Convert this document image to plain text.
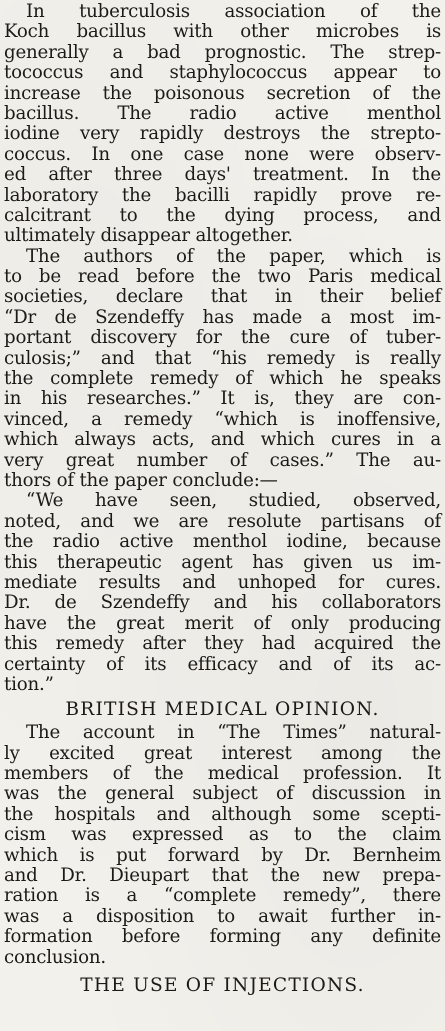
In tuberculosis association of the
Koch bacillus with other microbes is
generally a bad prognostic. The strep-
tococcus and staphylococcus appear to
increase the poisonous secretion of the
bacillus. The radio active menthol
iodine very rapidly destroys the strepto-
coccus. In one case none were observ-
ed after three days' treatment. In the
laboratory the bacilli rapidly prove re-
calcitrant to the dying process, and
ultimately disappear altogether.
The authors of the paper, which is
to be read before the two Paris medical
societies, declare that in their belief
“Dr de Szendeffy has made a most im-
portant discovery for the cure of tuber-
culosis;” and that “his remedy is really
the complete remedy of which he speaks
in his researches.” It is, they are con-
vinced, a remedy “which is inoffensive,
which always acts, and which cures in a
very great number of cases.” The au-
thors of the paper conclude:—
“We have seen, studied, observed,
noted, and we are resolute partisans of
the radio active menthol iodine, because
this therapeutic agent has given us im-
mediate results and unhoped for cures.
Dr. de Szendeffy and his collaborators
have the great merit of only producing
this remedy after they had acquired the
certainty of its efficacy and of its ac-
tion.”
BRITISH MEDICAL OPINION.
The account in “The Times” natural-
ly excited great interest among the
members of the medical profession. It
was the general subject of discussion in
the hospitals and although some scepti-
cism was expressed as to the claim
which is put forward by Dr. Bernheim
and Dr. Dieupart that the new prepa-
ration is a “complete remedy”, there
was a disposition to await further in-
formation before forming any definite
conclusion.
THE USE OF INJECTIONS.
